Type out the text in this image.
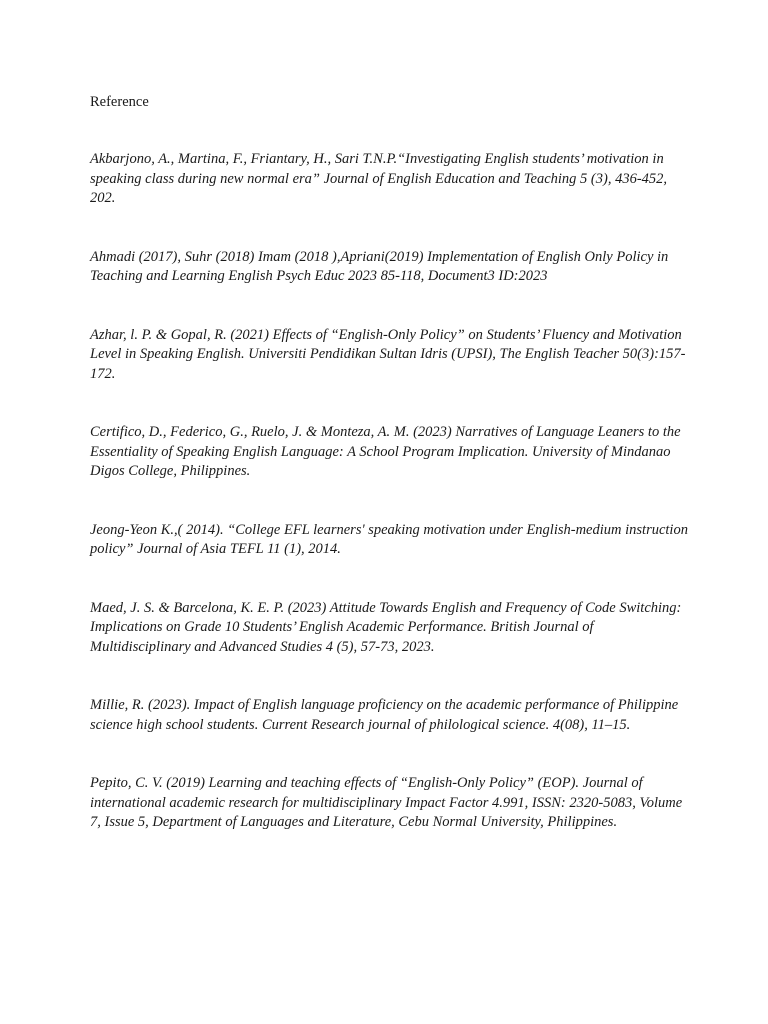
Reference
Akbarjono, A., Martina, F., Friantary, H., Sari T.N.P.“Investigating English students’ motivation in speaking class during new normal era” Journal of English Education and Teaching 5 (3), 436-452, 202.
Ahmadi (2017), Suhr (2018) Imam (2018 ),Apriani(2019) Implementation of English Only Policy in Teaching and Learning English Psych Educ 2023 85-118, Document3 ID:2023
Azhar, l. P. & Gopal, R. (2021) Effects of “English-Only Policy” on Students’ Fluency and Motivation Level in Speaking English. Universiti Pendidikan Sultan Idris (UPSI), The English Teacher 50(3):157-172.
Certifico, D., Federico, G., Ruelo, J. & Monteza, A. M. (2023) Narratives of Language Leaners to the Essentiality of Speaking English Language: A School Program Implication. University of Mindanao Digos College, Philippines.
Jeong-Yeon K.,( 2014). “College EFL learners' speaking motivation under English-medium instruction policy” Journal of Asia TEFL 11 (1), 2014.
Maed, J. S. & Barcelona, K. E. P. (2023) Attitude Towards English and Frequency of Code Switching: Implications on Grade 10 Students’ English Academic Performance. British Journal of Multidisciplinary and Advanced Studies 4 (5), 57-73, 2023.
Millie, R. (2023). Impact of English language proficiency on the academic performance of Philippine science high school students. Current Research journal of philological science. 4(08), 11–15.
Pepito, C. V. (2019) Learning and teaching effects of “English-Only Policy” (EOP). Journal of international academic research for multidisciplinary Impact Factor 4.991, ISSN: 2320-5083, Volume 7, Issue 5, Department of Languages and Literature, Cebu Normal University, Philippines.
